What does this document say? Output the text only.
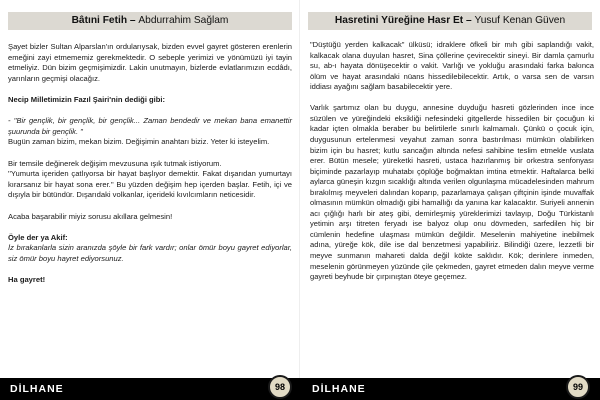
Bâtıni Fetih – Abdurrahim Sağlam

Şayet bizler Sultan Alparslan'ın ordularıysak, bizden evvel gayret gösteren erenlerin emeğini zayi etmememiz gerekmektedir. O sebeple yerimizi ve yönümüzü iyi tayin etmeliyiz. Dün bizim geçmişimizdir. Lakin unutmayın, bizlerde evlatlarımızın ecdâdı, yarınların geçmişi olacağız.

Necip Milletimizin Fazıl Şairi'nin dediği gibi:

- "Bir gençlik, bir gençlik, bir gençlik... Zaman bendedir ve mekan bana emanettir şuurunda bir gençlik. "

Bugün zaman bizim, mekan bizim. Değişimin anahtarı biziz. Yeter ki isteyelim.

Bir temsile değinerek değişim mevzusuna ışık tutmak istiyorum.

''Yumurta içeriden çatlıyorsa bir hayat başlıyor demektir. Fakat dışarıdan yumurtayı kırarsanız bir hayat sona erer.'' Bu yüzden değişim hep içerden başlar. Fetih, içi ve dışıyla bir bütündür. Dışarıdaki volkanlar, içerideki kıvılcımların neticesidir.

Acaba başarabilir miyiz sorusu akıllara gelmesin!

Öyle der ya Akif:

İz bırakanlarla sizin aranızda şöyle bir fark vardır; onlar ömür boyu gayret ediyorlar, siz ömür boyu hayret ediyorsunuz.

Ha gayret!

DİLHANE	98
Hasretini Yüreğine Hasr Et – Yusuf Kenan Güven

"Düştüğü yerden kalkacak" ülküsü; idraklere öfkeli bir mıh gibi saplandığı vakit, kalkacak olana duyulan hasret, Sina çöllerine çevirecektir sineyi. Bir damla çamurlu su, ab-ı hayata dönüşecektir o vakit. Varlığı ve yokluğu arasındaki farka bakınca ölüm ve hayat arasındaki nüans hissedilebilecektir. Artık, o varsa sen de varsın iddiası ayağını sağlam basabilecektir yere.

Varlık şartımız olan bu duygu, annesine duyduğu hasreti gözlerinden ince ince süzülen ve yüreğindeki eksikliği nefesindeki gitgellerde hissedilen bir çocuğun ki kadar içten olmakla beraber bu belirtilerle sınırlı kalmamalı. Çünkü o çocuk için, duygusunun ertelenmesi veyahut zaman sonra bastırılması mümkün olabilirken bizim için bu hasret; kutlu sancağın altında nefesi sahibine teslim etmekle vuslata erer. Bütün mesele; yüreketki hasreti, ustaca hazırlanmış bir orkestra senfonyası biçiminde pazarlayıp muhatabı çöplüğe boğmaktan imtina etmektir. Haftalarca belki aylarca güneşin kızgın sıcaklığı altında verilen olgunlaşma mücadelesinden mahrum bırakılmış meyveleri dalından koparıp, pazarlamaya çalışan çiftçinin işinde muvaffak olmasının mümkün olmadığı gibi hamallığı da yanına kar kalacaktır. Suriyeli annenin acı çığlığı harlı bir ateş gibi, demirleşmiş yüreklerimizi tavlayıp, Doğu Türkistanlı yetimin arşı titreten feryadı ise balyoz olup onu dövmeden, sarfedilen hiç bir cümlenin hedefine ulaşması mümkün değildir. Meselenin mahiyetine inebilmek adına, yüreğe kök, dile ise dal benzetmesi yapabiliriz. Bilindiği üzere, lezzetli bir meyve sunmanın mahareti dalda değil kökte saklıdır. Kök; derinlere inmeden, meselenin görünmeyen yüzünde çile çekmeden, gayret etmeden dalın meyve verme gayreti beyhude bir çırpınıştan öteye geçemez.

DİLHANE	99
